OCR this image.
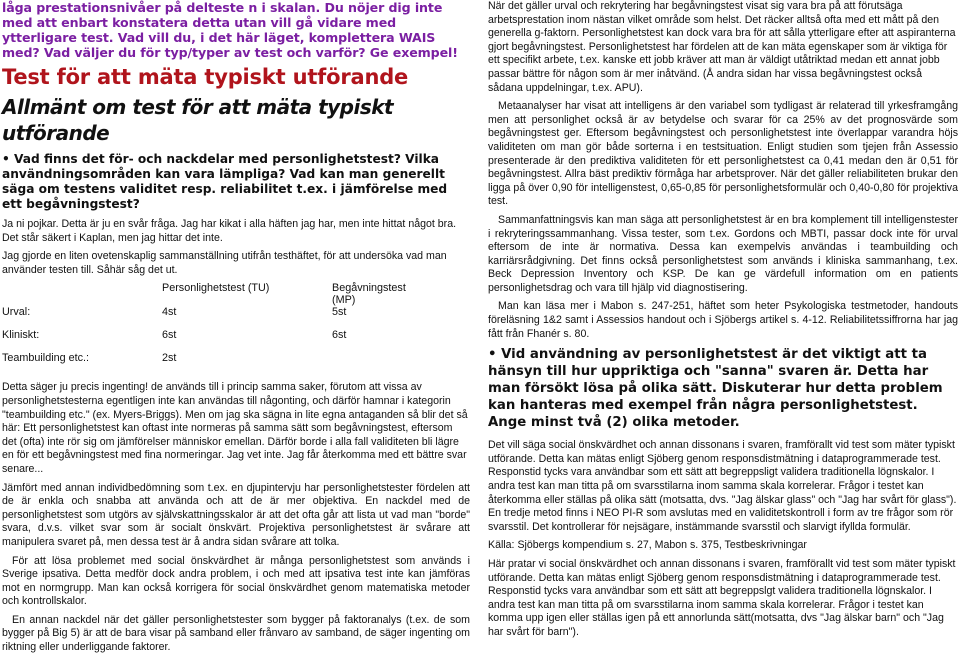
låga prestationsnivåer på delteste n i skalan. Du nöjer dig inte med att enbart konstatera detta utan vill gå vidare med ytterligare test. Vad vill du, i det här läget, komplettera WAIS med? Vad väljer du för typ/typer av test och varför? Ge exempel!

Test för att mäta typiskt utförande
Allmänt om test för att mäta typiskt utförande

• Vad finns det för- och nackdelar med personlighetstest? Vilka användningsområden kan vara lämpliga? Vad kan man generellt säga om testens validitet resp. reliabilitet t.ex. i jämförelse med ett begåvningstest?

Ja ni pojkar. Detta är ju en svår fråga. Jag har kikat i alla häften jag har, men inte hittat något bra. Det står säkert i Kaplan, men jag hittar det inte.

Jag gjorde en liten ovetenskaplig sammanställning utifrån testhäftet, för att undersöka vad man använder testen till. Såhär såg det ut.

	Personlighetstest (TU)	Begåvningstest (MP)
Urval:	4st	5st
Kliniskt:	6st	6st
Teambuilding etc.:	2st	

Detta säger ju precis ingenting! de används till i princip samma saker, förutom att vissa av personlighetstesterna egentligen inte kan användas till någonting, och därför hamnar i kategorin "teambuilding etc." (ex. Myers-Briggs). Men om jag ska sägna in lite egna antaganden så blir det så här: Ett personlighetstest kan oftast inte normeras på samma sätt som begåvningstest, eftersom det (ofta) inte rör sig om jämförelser människor emellan. Därför borde i alla fall validiteten bli lägre en för ett begåvningstest med fina normeringar. Jag vet inte. Jag får återkomma med ett bättre svar senare...

Jämfört med annan individbedömning som t.ex. en djupintervju har personlighetstester fördelen att de är enkla och snabba att använda och att de är mer objektiva. En nackdel med de personlighetstest som utgörs av självskattningsskalor är att det ofta går att lista ut vad man "borde" svara, d.v.s. vilket svar som är socialt önskvärt. Projektiva personlighetstest är svårare att manipulera svaret på, men dessa test är å andra sidan svårare att tolka.

För att lösa problemet med social önskvärdhet är många personlighetstest som används i Sverige ipsativa. Detta medför dock andra problem, i och med att ipsativa test inte kan jämföras mot en normgrupp. Man kan också korrigera för social önskvärdhet genom matematiska metoder och kontrollskalor.

En annan nackdel när det gäller personlighetstester som bygger på faktoranalys (t.ex. de som bygger på Big 5) är att de bara visar på samband eller frånvaro av samband, de säger ingenting om riktning eller underliggande faktorer.

När det gäller urval och rekrytering har begåvningstest visat sig vara bra på att förutsäga arbetsprestation inom nästan vilket område som helst. Det räcker alltså ofta med ett mått på den generella g-faktorn. Personlighetstest kan dock vara bra för att sålla ytterligare efter att aspiranterna gjort begåvningstest. Personlighetstest har fördelen att de kan mäta egenskaper som är viktiga för ett specifikt arbete, t.ex. kanske ett jobb kräver att man är väldigt utåtriktad medan ett annat jobb passar bättre för någon som är mer inåtvänd. (Å andra sidan har vissa begåvningstest också sådana uppdelningar, t.ex. APU).

Metaanalyser har visat att intelligens är den variabel som tydligast är relaterad till yrkesframgång men att personlighet också är av betydelse och svarar för ca 25% av det prognosvärde som begåvningstest ger. Eftersom begåvningstest och personlighetstest inte överlappar varandra höjs validiteten om man gör både sorterna i en testsituation. Enligt studien som tjejen från Assessio presenterade är den prediktiva validiteten för ett personlighetstest ca 0,41 medan den är 0,51 för begåvningstest. Allra bäst prediktiv förmåga har arbetsprover. När det gäller reliabiliteten brukar den ligga på över 0,90 för intelligenstest, 0,65-0,85 för personlighetsformulär och 0,40-0,80 för projektiva test.

Sammanfattningsvis kan man säga att personlighetstest är en bra komplement till intelligenstester i rekryteringssammanhang. Vissa tester, som t.ex. Gordons och MBTI, passar dock inte för urval eftersom de inte är normativa. Dessa kan exempelvis användas i teambuilding och karriärsrådgivning. Det finns också personlighetstest som används i kliniska sammanhang, t.ex. Beck Depression Inventory och KSP. De kan ge värdefull information om en patients personlighetsdrag och vara till hjälp vid diagnostisering.

Man kan läsa mer i Mabon s. 247-251, häftet som heter Psykologiska testmetoder, handouts föreläsning 1&2 samt i Assessios handout och i Sjöbergs artikel s. 4-12. Reliabilitetssiffrorna har jag fått från Fhanér s. 80.

• Vid användning av personlighetstest är det viktigt att ta hänsyn till hur uppriktiga och "sanna" svaren är. Detta har man försökt lösa på olika sätt. Diskuterar hur detta problem kan hanteras med exempel från några personlighetstest. Ange minst två (2) olika metoder.

Det vill säga social önskvärdhet och annan dissonans i svaren, framförallt vid test som mäter typiskt utförande. Detta kan mätas enligt Sjöberg genom responsdistmätning i dataprogrammerade test. Responstid tycks vara användbar som ett sätt att begreppsligt validera traditionella lögnskalor. I andra test kan man titta på om svarsstilarna inom samma skala korrelerar. Frågor i testet kan återkomma eller ställas på olika sätt (motsatta, dvs. "Jag älskar glass" och "Jag har svårt för glass"). En tredje metod finns i NEO PI-R som avslutas med en validitetskontroll i form av tre frågor som rör svarsstil. Det kontrollerar för nejsägare, instämmande svarsstil och slarvigt ifyllda formulär.

Källa: Sjöbergs kompendium s. 27, Mabon s. 375, Testbeskrivningar

Här pratar vi social önskvärdhet och annan dissonans i svaren, framförallt vid test som mäter typiskt utförande. Detta kan mätas enligt Sjöberg genom responsdistmätning i dataprogrammerade test. Responstid tycks vara användbar som ett sätt att begreppslgt validera traditionella lögnskalor. I andra test kan man titta på om svarsstilarna inom samma skala korrelerar. Frågor i testet kan komma upp igen eller ställas igen på ett annorlunda sätt(motsatta, dvs "Jag älskar barn" och "Jag har svårt för barn").
